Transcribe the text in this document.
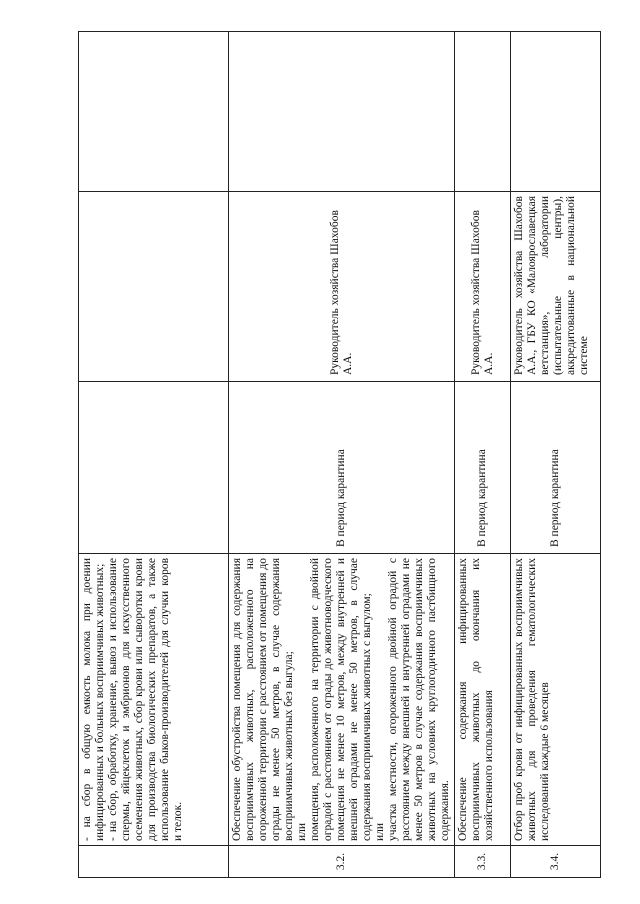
	- на сбор в общую емкость молока при доении инфицированных и больных восприимчивых животных; - на сбор, обработку, хранение, вывоз и использование спермы, яйцеклеток и эмбрионов для искусственного осеменения животных, сбор крови или сыворотки крови для производства биологических препаратов, а также использование быков-производителей для случки коров и телок.			

3.2.	Обеспечение обустройства помещения для содержания восприимчивых животных, расположенного на огороженной территории с расстоянием от помещения до ограды не менее 50 метров, в случае содержания восприимчивых животных без выгула; или помещения, расположенного на территории с двойной оградой с расстоянием от ограды до животноводческого помещения не менее 10 метров, между внутренней и внешней оградами не менее 50 метров, в случае содержания восприимчивых животных с выгулом; или участка местности, огороженного двойной оградой с расстоянием между внешней и внутренней оградами не менее 50 метров в случае содержания восприимчивых животных на условиях круглогодичного пастбищного содержания.	В период карантина	Руководитель хозяйства Шахобов А.А.	
3.3.	Обеспечение содержания инфицированных восприимчивых животных до окончания их хозяйственного использования	В период карантина	Руководитель хозяйства Шахобов А.А.	
3.4.	Отбор проб крови от инфицированных восприимчивых животных для проведения гематологических исследований каждые 6 месяцев	В период карантина	Руководитель хозяйства Шахобов А.А., ГБУ КО «Малоярославецкая ветстанция», лаборатории (испытательные центры), аккредитованные в национальной системе	
